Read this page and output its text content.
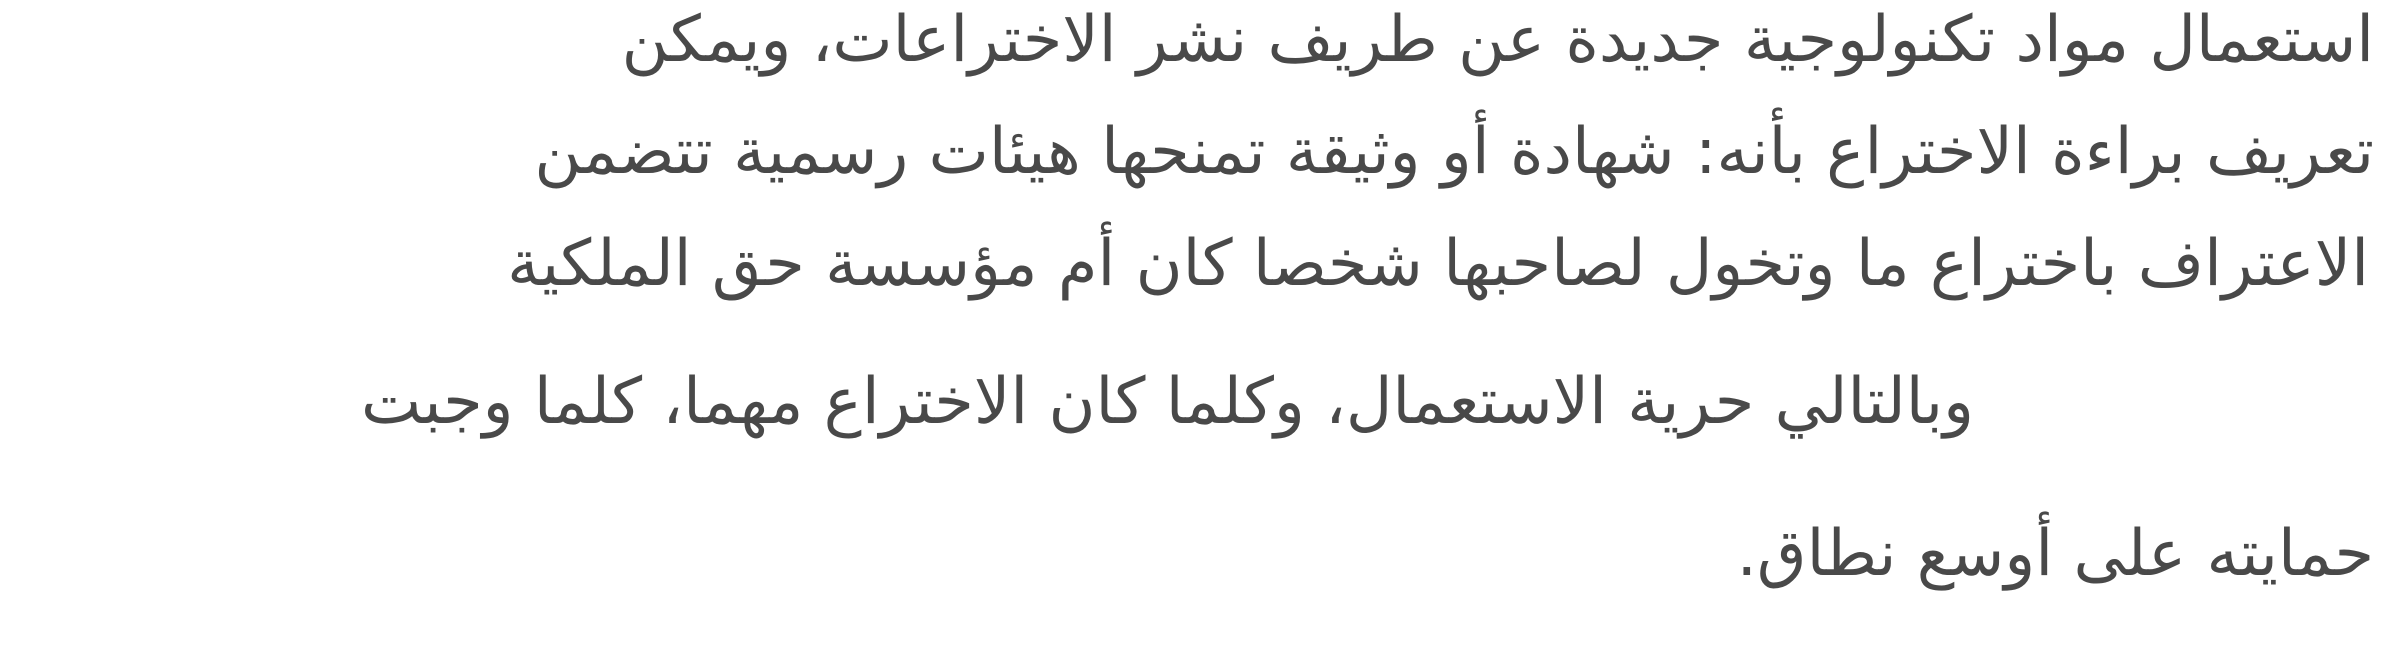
استعمال مواد تكنولوجية جديدة عن طريف نشر الاختراعات، ويمكن
تعريف براءة الاختراع بأنه: شهادة أو وثيقة تمنحها هيئات رسمية تتضمن
الاعتراف باختراع ما وتخول لصاحبها شخصا كان أم مؤسسة حق الملكية
وبالتالي حرية الاستعمال، وكلما كان الاختراع مهما، كلما وجبت
حمايته على أوسع نطاق.
